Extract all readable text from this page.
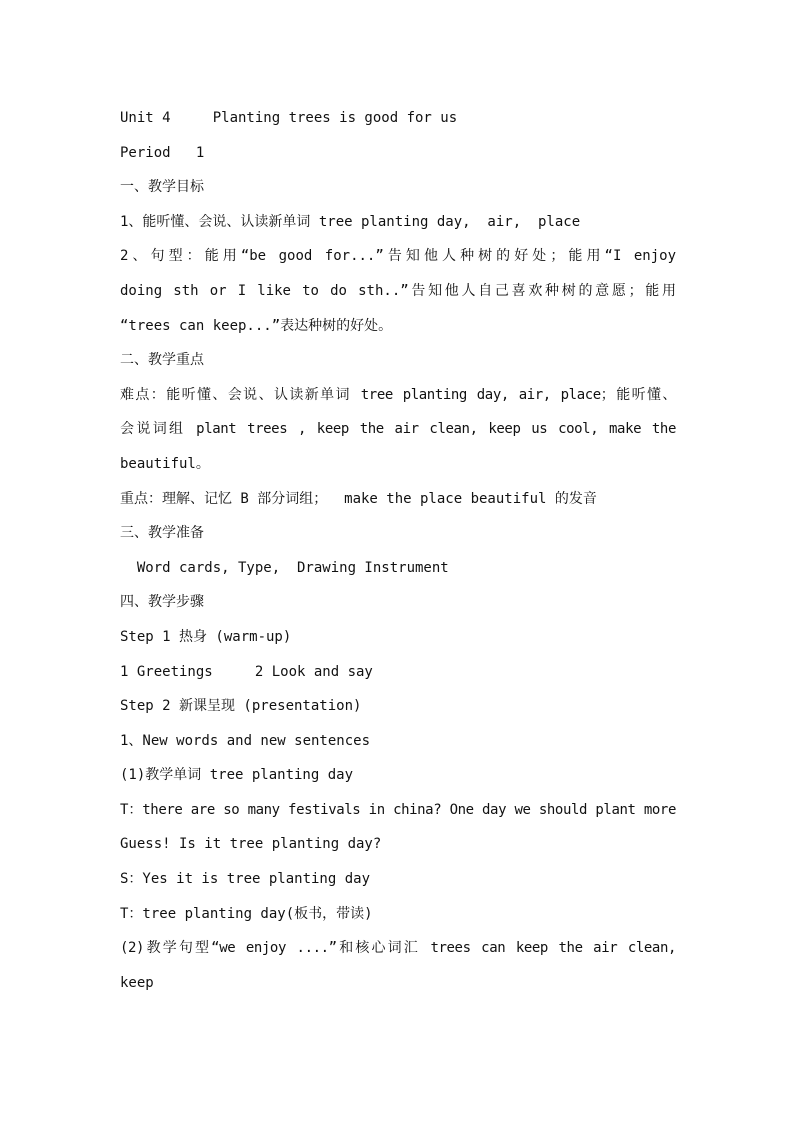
Unit 4     Planting trees is good for us
Period   1
一、教学目标
1、能听懂、会说、认读新单词 tree planting day,  air,  place
2、句型：能用“be good for...”告知他人种树的好处；能用“I enjoy
doing sth or I like to do sth..”告知他人自己喜欢种树的意愿；能用
“trees can keep...”表达种树的好处。
二、教学重点
难点：能听懂、会说、认读新单词 tree planting day, air, place；能听懂、
会说词组 plant trees , keep the air clean, keep us cool, make the
beautiful。
重点：理解、记忆 B 部分词组；  make the place beautiful 的发音
三、教学准备
Word cards, Type,  Drawing Instrument
四、教学步骤
Step 1 热身 (warm-up)
1 Greetings     2 Look and say
Step 2 新课呈现 (presentation)
1、New words and new sentences
(1)教学单词 tree planting day
T：there are so many festivals in china? One day we should plant more
Guess! Is it tree planting day?
S：Yes it is tree planting day
T：tree planting day(板书，带读)
(2)教学句型“we enjoy ....”和核心词汇 trees can keep the air clean,
keep
